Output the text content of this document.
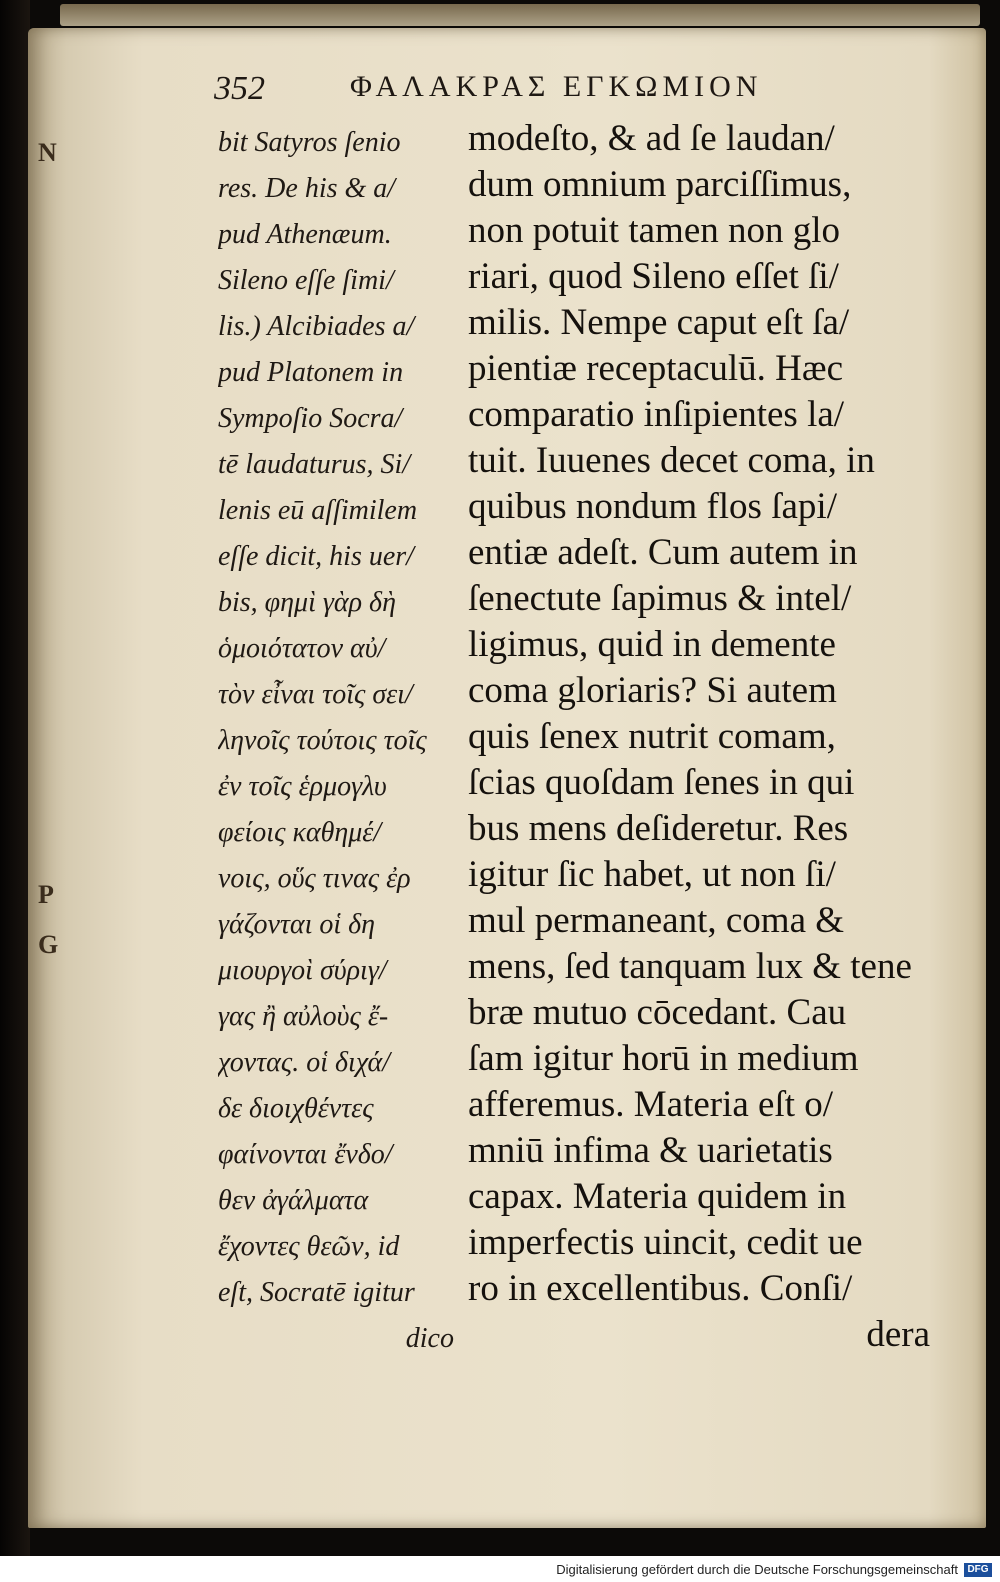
N
P
G
352	ΦΑΛΑΚΡΑΣ ΕΓΚΩΜΙΟΝ
bit Satyros ſenio
res. De his & a/
pud Athenæum.
Sileno eſſe ſimi/
lis.) Alcibiades a/
pud Platonem in
Sympoſio Socra/
tē laudaturus, Si/
lenis eū aſſimilem
eſſe dicit, his uer/
bis, φημὶ γὰρ δὴ
ὁμοιότατον αὐ/
τὸν εἶναι τοῖς σει/
ληνοῖς τούτοις τοῖς
ἐν τοῖς ἑρμογλυ
φείοις καθημέ/
νοις, οὕς τινας ἐρ
γάζονται οἱ δη
μιουργοὶ σύριγ/
γας ἢ αὐλοὺς ἔ-
χοντας. οἱ διχά/
δε διοιχθέντες
φαίνονται ἔνδο/
θεν ἀγάλματα
ἔχοντες θεῶν, id
eſt, Socratē igitur
dico
modeſto, & ad ſe laudan/
dum omnium parciſſimus,
non potuit tamen non glo
riari, quod Sileno eſſet ſi/
milis. Nempe caput eſt ſa/
pientiæ receptaculū. Hæc
comparatio inſipientes la/
tuit. Iuuenes decet coma, in
quibus nondum flos ſapi/
entiæ adeſt. Cum autem in
ſenectute ſapimus & intel/
ligimus, quid in demente
coma gloriaris? Si autem
quis ſenex nutrit comam,
ſcias quoſdam ſenes in qui
bus mens deſideretur. Res
igitur ſic habet, ut non ſi/
mul permaneant, coma &
mens, ſed tanquam lux & tene
bræ mutuo cōcedant. Cau
ſam igitur horū in medium
afferemus. Materia eſt o/
mniū infima & uarietatis
capax. Materia quidem in
imperfectis uincit, cedit ue
ro in excellentibus. Conſi/
dera
Digitalisierung gefördert durch die Deutsche Forschungsgemeinschaft DFG
